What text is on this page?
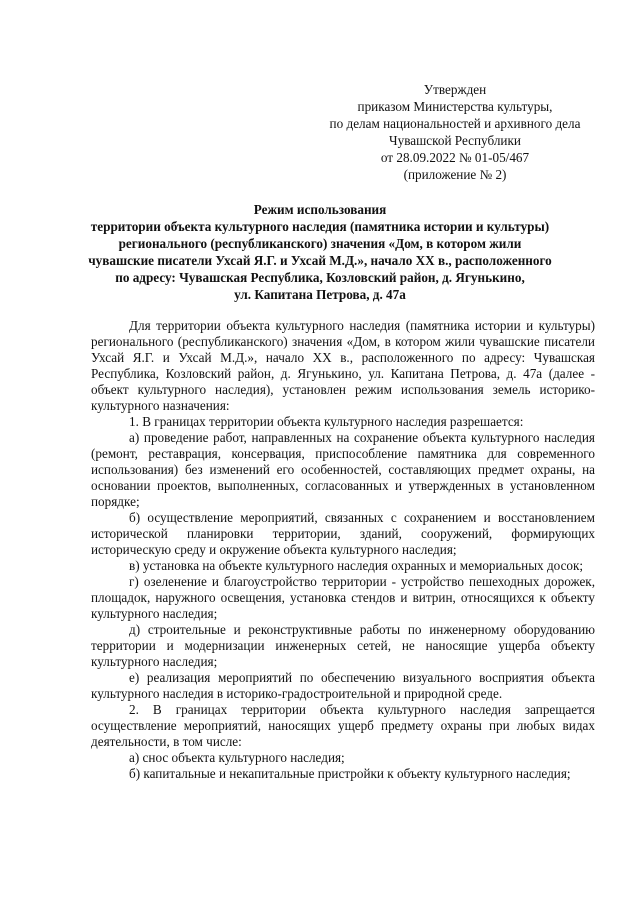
Утвержден
приказом Министерства культуры,
по делам национальностей и архивного дела
Чувашской Республики
от 28.09.2022 № 01-05/467
(приложение № 2)
Режим использования
территории объекта культурного наследия (памятника истории и культуры)
регионального (республиканского) значения «Дом, в котором жили
чувашские писатели Ухсай Я.Г. и Ухсай М.Д.», начало XX в., расположенного
по адресу: Чувашская Республика, Козловский район, д. Ягунькино,
ул. Капитана Петрова, д. 47а

Для территории объекта культурного наследия (памятника истории и культуры) регионального (республиканского) значения «Дом, в котором жили чувашские писатели Ухсай Я.Г. и Ухсай М.Д.», начало XX в., расположенного по адресу: Чувашская Республика, Козловский район, д. Ягунькино, ул. Капитана Петрова, д. 47а (далее - объект культурного наследия), установлен режим использования земель историко-культурного назначения:

1. В границах территории объекта культурного наследия разрешается:

а) проведение работ, направленных на сохранение объекта культурного наследия (ремонт, реставрация, консервация, приспособление памятника для современного использования) без изменений его особенностей, составляющих предмет охраны, на основании проектов, выполненных, согласованных и утвержденных в установленном порядке;

б) осуществление мероприятий, связанных с сохранением и восстановлением исторической планировки территории, зданий, сооружений, формирующих историческую среду и окружение объекта культурного наследия;

в) установка на объекте культурного наследия охранных и мемориальных досок;

г) озеленение и благоустройство территории - устройство пешеходных дорожек, площадок, наружного освещения, установка стендов и витрин, относящихся к объекту культурного наследия;

д) строительные и реконструктивные работы по инженерному оборудованию территории и модернизации инженерных сетей, не наносящие ущерба объекту культурного наследия;

е) реализация мероприятий по обеспечению визуального восприятия объекта культурного наследия в историко-градостроительной и природной среде.

2. В границах территории объекта культурного наследия запрещается осуществление мероприятий, наносящих ущерб предмету охраны при любых видах деятельности, в том числе:

а) снос объекта культурного наследия;

б) капитальные и некапитальные пристройки к объекту культурного наследия;
